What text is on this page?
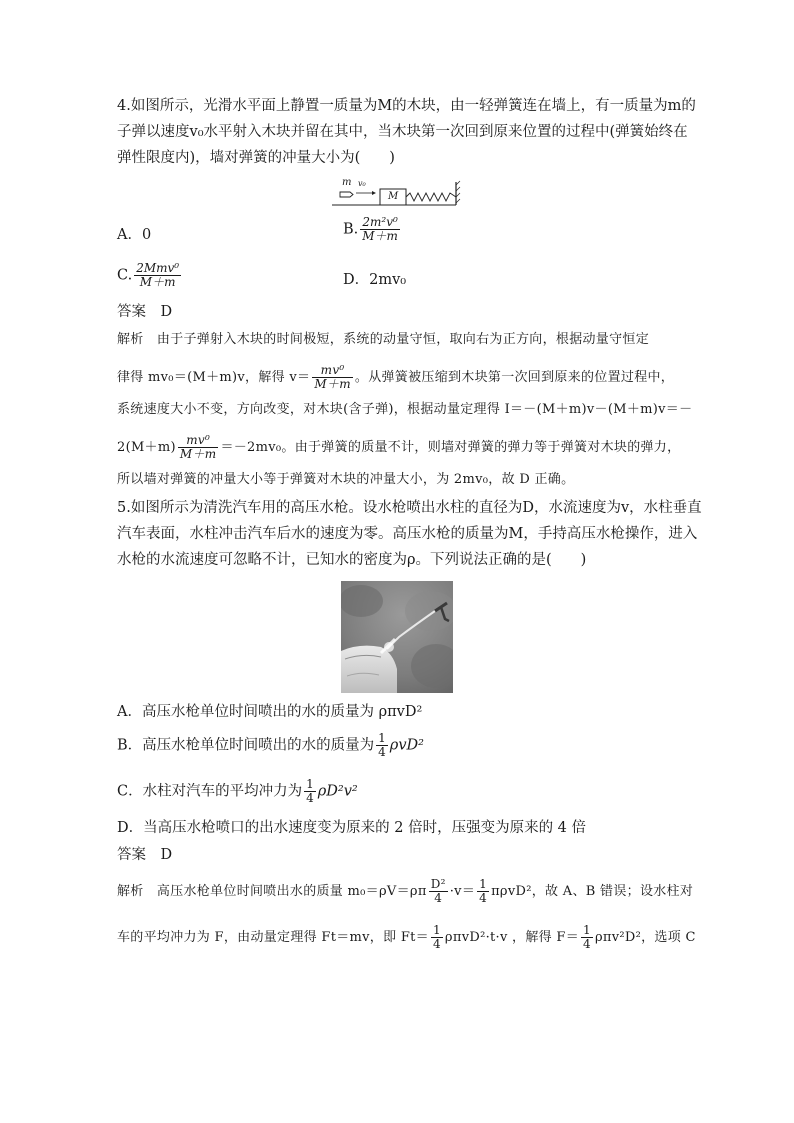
4.如图所示，光滑水平面上静置一质量为M的木块，由一轻弹簧连在墙上，有一质量为m的
子弹以速度v₀水平射入木块并留在其中，当木块第一次回到原来位置的过程中(弹簧始终在
弹性限度内)，墙对弹簧的冲量大小为(　　)
m v₀
M
A．0	B. $\frac{\text{2m²v⁰}}{M+m}$
C. $\frac{\text{2Mmv⁰}}{M+m}$	D．2mv₀
答案　D
解析　由于子弹射入木块的时间极短，系统的动量守恒，取向右为正方向，根据动量守恒定
律得 mv₀＝(M＋m)v，解得 $v= \frac{\text{mv⁰}}{M+m}$ 。从弹簧被压缩到木块第一次回到原来的位置过程中，
系统速度大小不变，方向改变，对木块(含子弹)，根据动量定理得 I＝－(M＋m)v－(M＋m)v＝－
$2(M+m) \frac{\text{mv⁰}}{M+m} =-2mv_0$。由于弹簧的质量不计，则墙对弹簧的弹力等于弹簧对木块的弹力，
所以墙对弹簧的冲量大小等于弹簧对木块的冲量大小，为 2mv₀，故 D 正确。
5.如图所示为清洗汽车用的高压水枪。设水枪喷出水柱的直径为D，水流速度为v，水柱垂直
汽车表面，水柱冲击汽车后水的速度为零。高压水枪的质量为M，手持高压水枪操作，进入
水枪的水流速度可忽略不计，已知水的密度为ρ。下列说法正确的是(　　)
A．高压水枪单位时间喷出的水的质量为 ρπvD²
B．高压水枪单位时间喷出的水的质量为 $\frac{1}{4} \rho vD^2$
C．水柱对汽车的平均冲力为 $\frac{1}{4} \rho D^2v^2$
D．当高压水枪喷口的出水速度变为原来的 2 倍时，压强变为原来的 4 倍
答案　D
解析　高压水枪单位时间喷出水的质量 $m_0=\rho V=\rho\pi \frac{\text{D²}}{4} \cdot v= \frac{1}{4} \pi\rho vD^2$，故 A、B 错误；设水柱对
车的平均冲力为 F，由动量定理得 Ft＝mv，即 $Ft= \frac{1}{4} \rho\pi vD^2\cdot t\cdot v$ ，解得 $F= \frac{1}{4} \rho\pi v^2D^2$，选项 C
